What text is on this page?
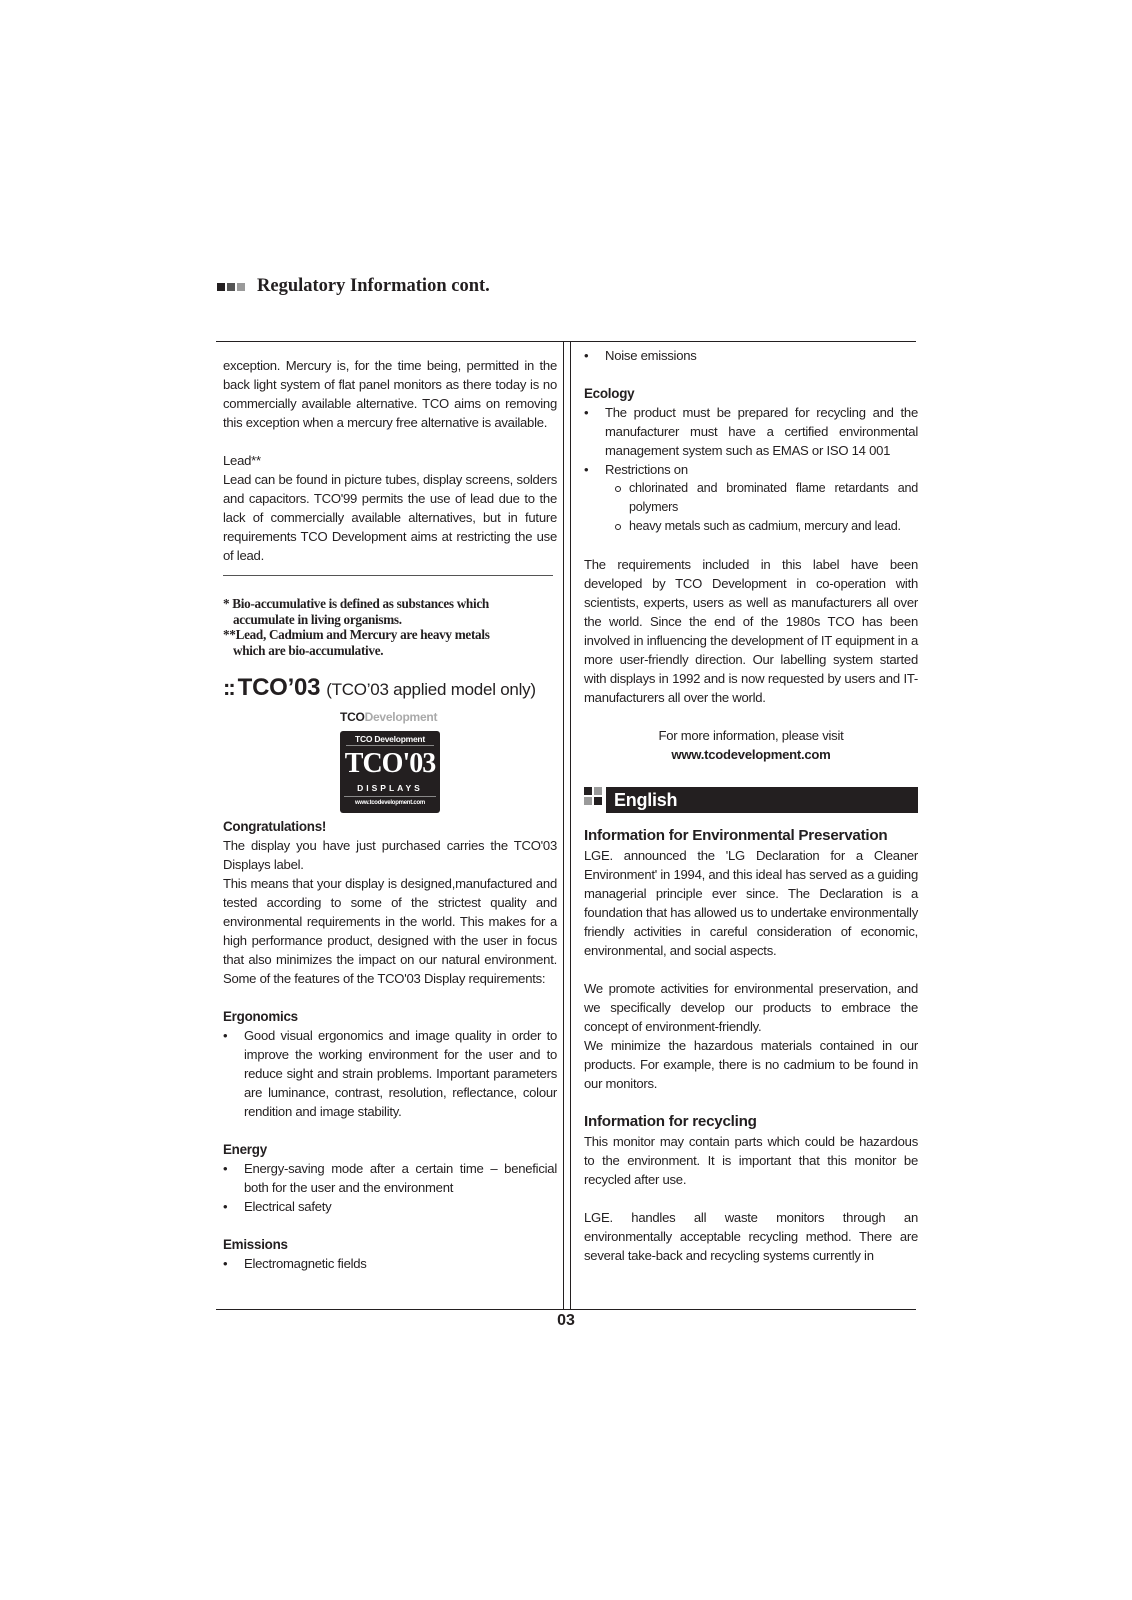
Regulatory Information cont.

exception. Mercury is, for the time being, permitted in the back light system of flat panel monitors as there today is no commercially available alternative. TCO aims on removing this exception when a mercury free alternative is available.

Lead**

Lead can be found in picture tubes, display screens, solders and capacitors. TCO'99 permits the use of lead due to the lack of commercially available alternatives, but in future requirements TCO Development aims at restricting the use of lead.

* Bio-accumulative is defined as substances which
accumulate in living organisms.
**Lead, Cadmium and Mercury are heavy metals
which are bio-accumulative.
:: TCO’03 (TCO’03 applied model only)
TCODevelopment
TCO Development
TCO'03
DISPLAYS
www.tcodevelopment.com

Congratulations!

The display you have just purchased carries the TCO'03 Displays label.

This means that your display is designed,manufactured and tested according to some of the strictest quality and environmental requirements in the world. This makes for a high performance product, designed with the user in focus that also minimizes the impact on our natural environment. Some of the features of the TCO'03 Display requirements:

Ergonomics

• Good visual ergonomics and image quality in order to improve the working environment for the user and to reduce sight and strain problems. Important parameters are luminance, contrast, resolution, reflectance, colour rendition and image stability.

Energy

• Energy-saving mode after a certain time – beneficial both for the user and the environment
• Electrical safety

Emissions

• Electromagnetic fields
• Noise emissions

Ecology

• The product must be prepared for recycling and the manufacturer must have a certified environmental management system such as EMAS or ISO 14 001
• Restrictions on
chlorinated and brominated flame retardants and polymers
heavy metals such as cadmium, mercury and lead.

The requirements included in this label have been developed by TCO Development in co-operation with scientists, experts, users as well as manufacturers all over the world. Since the end of the 1980s TCO has been involved in influencing the development of IT equipment in a more user-friendly direction. Our labelling system started with displays in 1992 and is now requested by users and IT-manufacturers all over the world.

For more information, please visit

www.tcodevelopment.com

English

Information for Environmental Preservation

LGE. announced the 'LG Declaration for a Cleaner Environment' in 1994, and this ideal has served as a guiding managerial principle ever since. The Declaration is a foundation that has allowed us to undertake environmentally friendly activities in careful consideration of economic, environmental, and social aspects.

We promote activities for environmental preservation, and we specifically develop our products to embrace the concept of environment-friendly.

We minimize the hazardous materials contained in our products. For example, there is no cadmium to be found in our monitors.

Information for recycling

This monitor may contain parts which could be hazardous to the environment. It is important that this monitor be recycled after use.

LGE. handles all waste monitors through an environmentally acceptable recycling method. There are several take-back and recycling systems currently in

03
